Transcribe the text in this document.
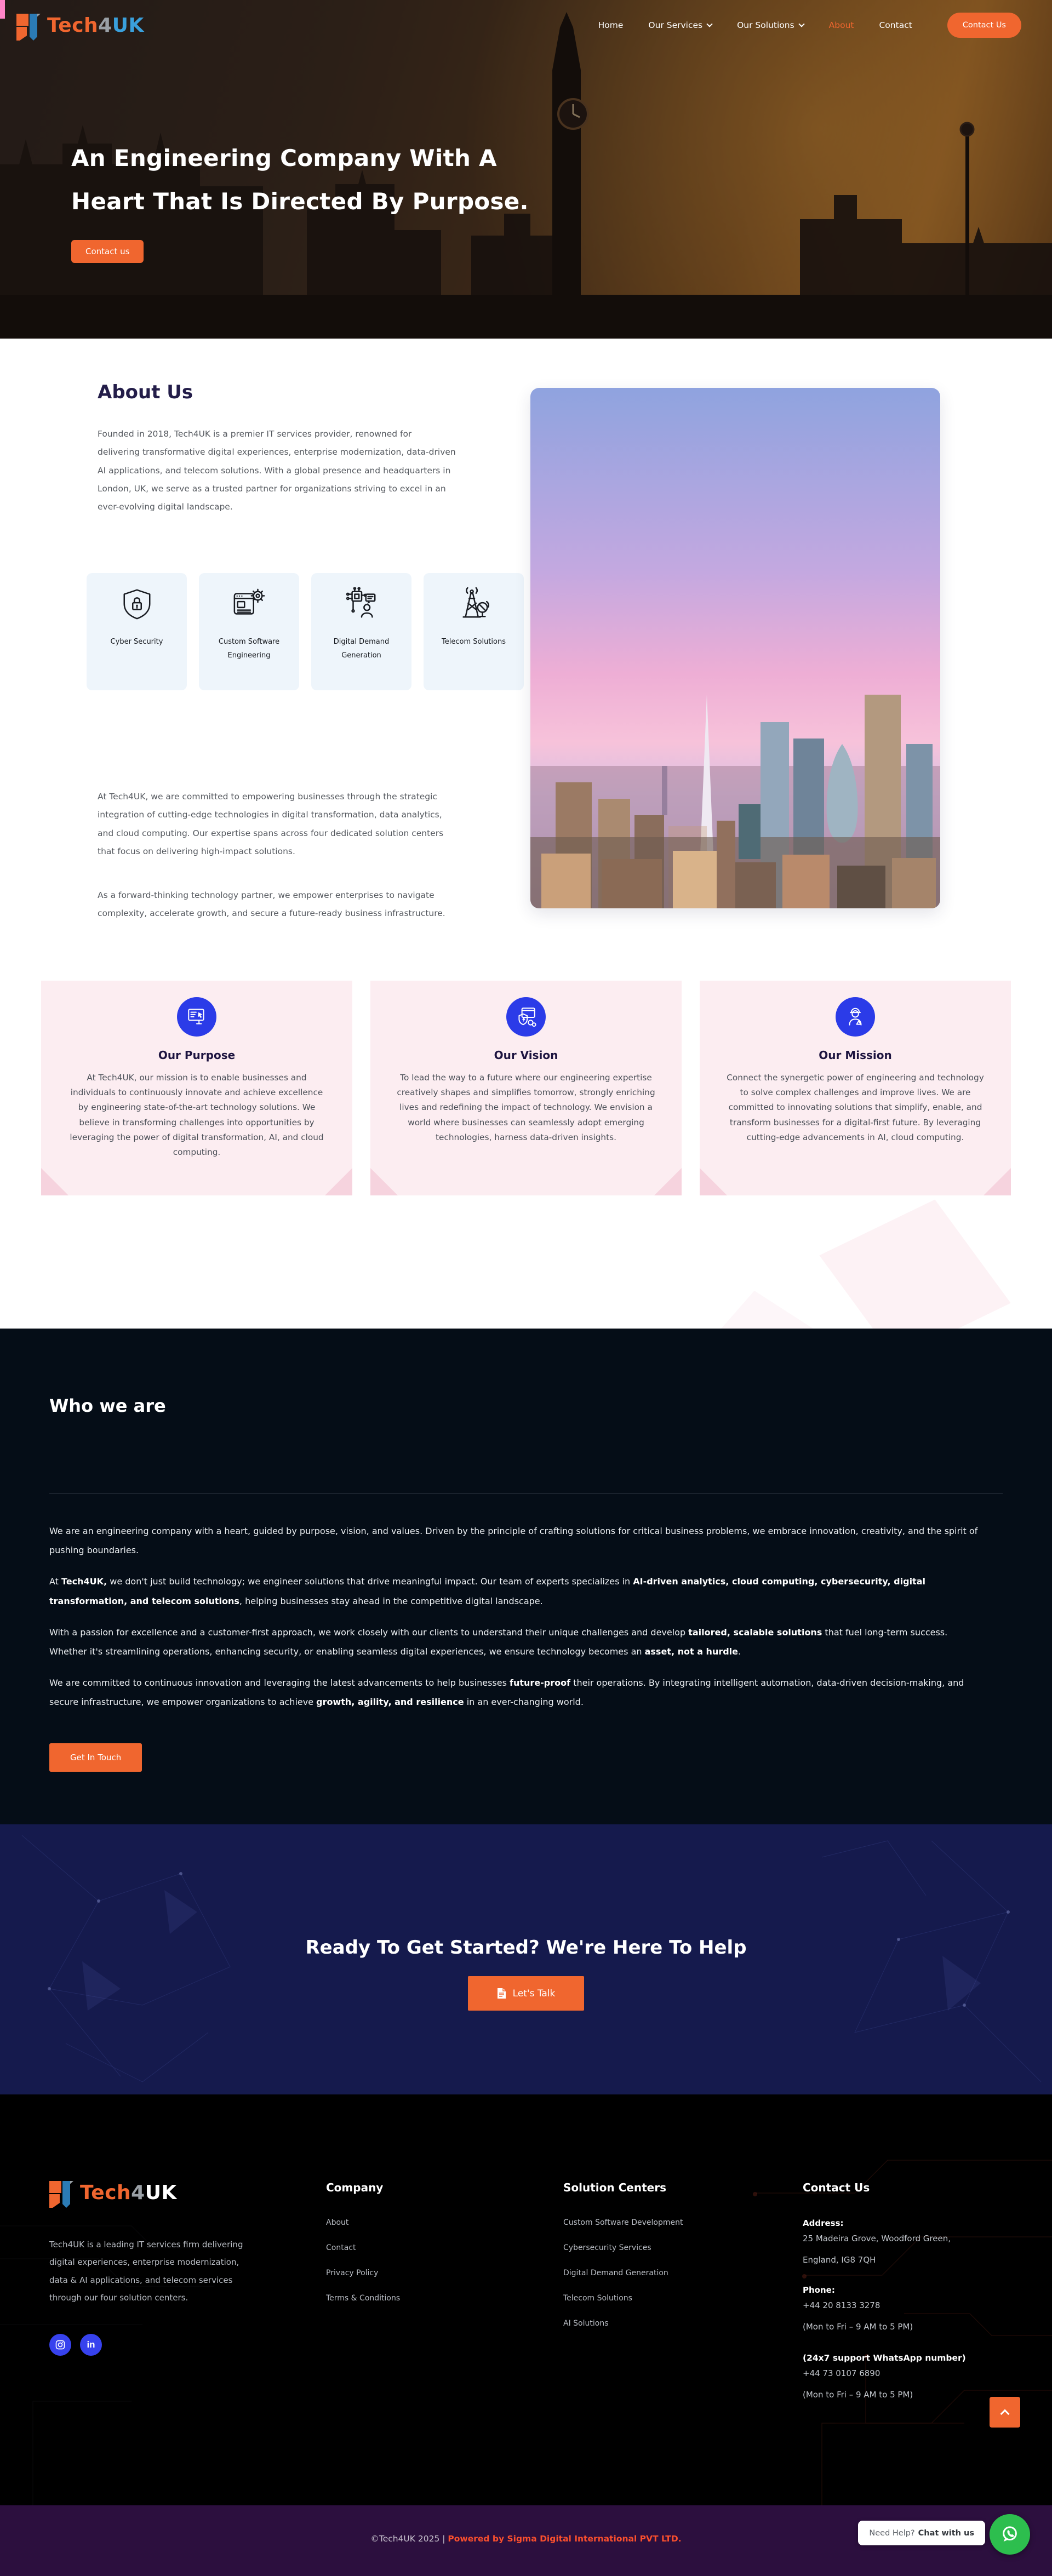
Tech4UK	Home	Our Services	Our Solutions	About	Contact	Contact Us
An Engineering Company With A
Heart That Is Directed By Purpose.
Contact us
About Us

Founded in 2018, Tech4UK is a premier IT services provider, renowned for delivering transformative digital experiences, enterprise modernization, data-driven AI applications, and telecom solutions. With a global presence and headquarters in London, UK, we serve as a trusted partner for organizations striving to excel in an ever-evolving digital landscape.

Cyber Security	Custom Software Engineering
Digital Demand Generation
Telecom Solutions

At Tech4UK, we are committed to empowering businesses through the strategic integration of cutting-edge technologies in digital transformation, data analytics, and cloud computing. Our expertise spans across four dedicated solution centers that focus on delivering high-impact solutions.

As a forward-thinking technology partner, we empower enterprises to navigate complexity, accelerate growth, and secure a future-ready business infrastructure.

Our Purpose

At Tech4UK, our mission is to enable businesses and individuals to continuously innovate and achieve excellence by engineering state-of-the-art technology solutions. We believe in transforming challenges into opportunities by leveraging the power of digital transformation, AI, and cloud computing.

Our Vision

To lead the way to a future where our engineering expertise creatively shapes and simplifies tomorrow, strongly enriching lives and redefining the impact of technology. We envision a world where businesses can seamlessly adopt emerging technologies, harness data-driven insights.

Our Mission

Connect the synergetic power of engineering and technology to solve complex challenges and improve lives. We are committed to innovating solutions that simplify, enable, and transform businesses for a digital-first future. By leveraging cutting-edge advancements in AI, cloud computing.

Who we are

We are an engineering company with a heart, guided by purpose, vision, and values. Driven by the principle of crafting solutions for critical business problems, we embrace innovation, creativity, and the spirit of pushing boundaries.

At Tech4UK, we don't just build technology; we engineer solutions that drive meaningful impact. Our team of experts specializes in AI-driven analytics, cloud computing, cybersecurity, digital transformation, and telecom solutions, helping businesses stay ahead in the competitive digital landscape.

With a passion for excellence and a customer-first approach, we work closely with our clients to understand their unique challenges and develop tailored, scalable solutions that fuel long-term success. Whether it's streamlining operations, enhancing security, or enabling seamless digital experiences, we ensure technology becomes an asset, not a hurdle.

We are committed to continuous innovation and leveraging the latest advancements to help businesses future-proof their operations. By integrating intelligent automation, data-driven decision-making, and secure infrastructure, we empower organizations to achieve growth, agility, and resilience in an ever-changing world.

Get In Touch
Ready To Get Started? We're Here To Help
Let's Talk
Tech4UK

Tech4UK is a leading IT services firm delivering digital experiences, enterprise modernization, data & AI applications, and telecom services through our four solution centers.

in
Company
About
Contact
Privacy Policy
Terms & Conditions
Solution Centers
Custom Software Development
Cybersecurity Services
Digital Demand Generation
Telecom Solutions
AI Solutions
Contact Us
Address:
25 Madeira Grove, Woodford Green,
England, IG8 7QH
Phone:
+44 20 8133 3278
(Mon to Fri – 9 AM to 5 PM)
(24x7 support WhatsApp number)
+44 73 0107 6890
(Mon to Fri – 9 AM to 5 PM)
©Tech4UK 2025 | Powered by Sigma Digital International PVT LTD.
Need Help? Chat with us
